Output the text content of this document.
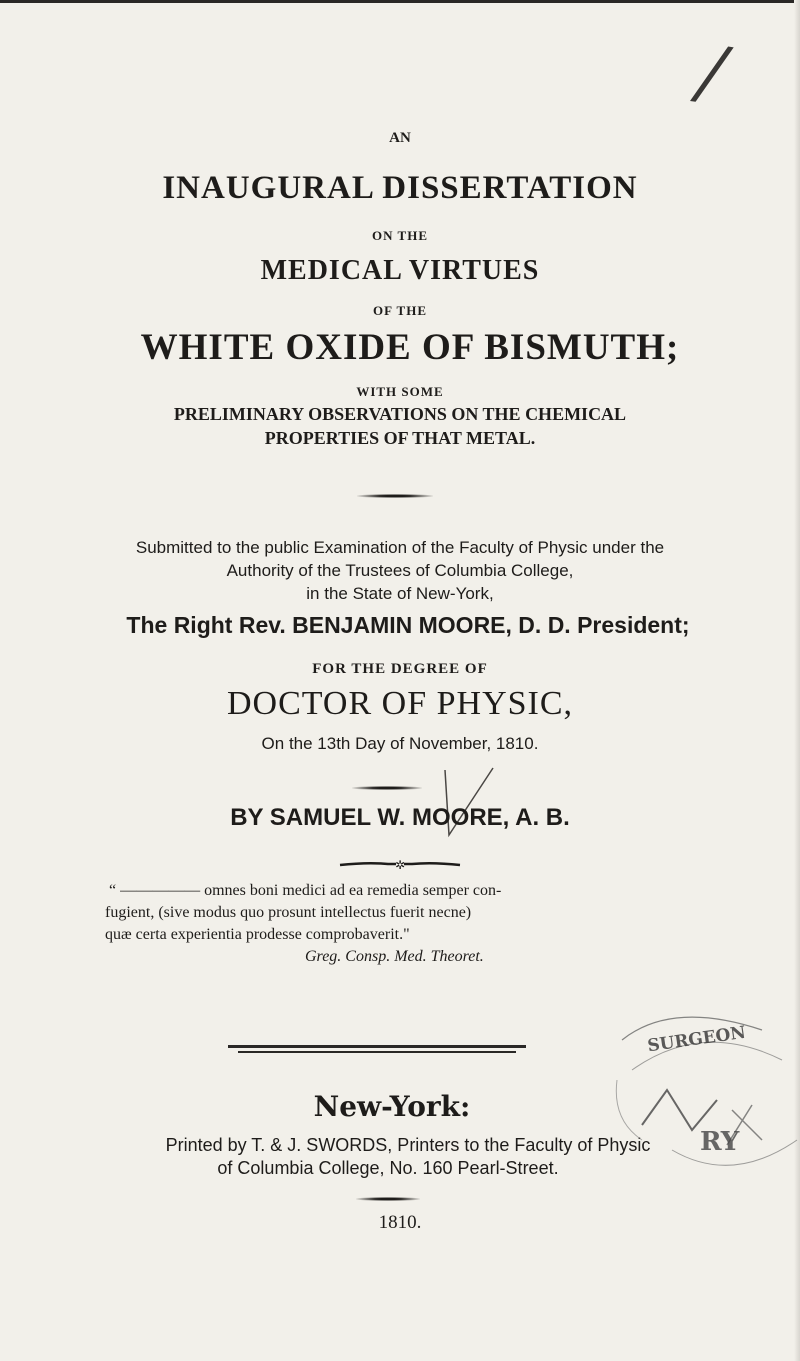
/
AN
INAUGURAL DISSERTATION
ON THE
MEDICAL VIRTUES
OF THE
WHITE OXIDE OF BISMUTH;
WITH SOME
PRELIMINARY OBSERVATIONS ON THE CHEMICAL
PROPERTIES OF THAT METAL.
Submitted to the public Examination of the Faculty of Physic under the
Authority of the Trustees of Columbia College,
in the State of New-York,
The Right Rev. BENJAMIN MOORE, D. D. President;
FOR THE DEGREE OF
DOCTOR OF PHYSIC,
On the 13th Day of November, 1810.
BY SAMUEL W. MOORE, A. B.
✲
“ ————— omnes boni medici ad ea remedia semper con-
fugient, (sive modus quo prosunt intellectus fuerit necne)
quæ certa experientia prodesse comprobaverit."
Greg. Consp. Med. Theoret.
New-York:
Printed by T. & J. SWORDS, Printers to the Faculty of Physic
of Columbia College, No. 160 Pearl-Street.
1810.
SURGEON
RY
